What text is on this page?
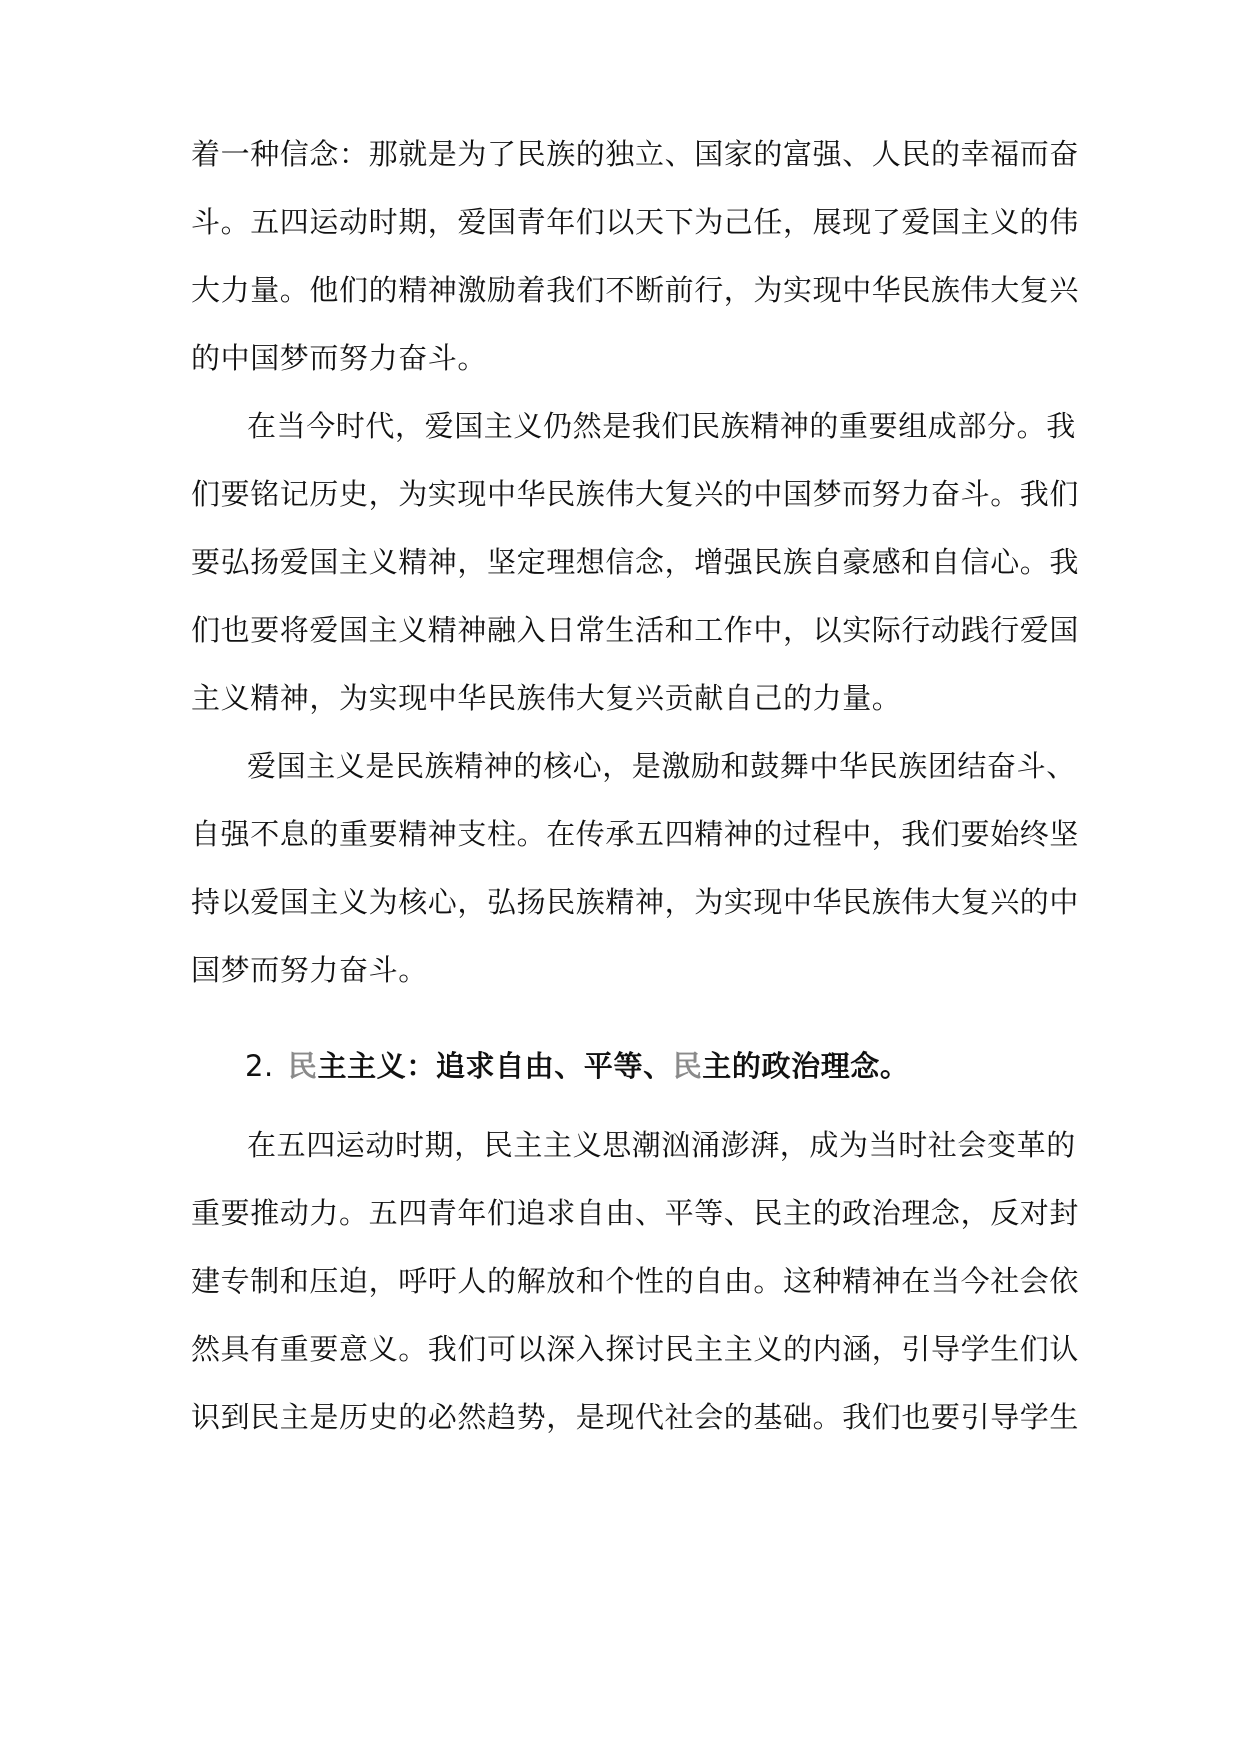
着一种信念：那就是为了民族的独立、国家的富强、人民的幸福而奋
斗。五四运动时期，爱国青年们以天下为己任，展现了爱国主义的伟
大力量。他们的精神激励着我们不断前行，为实现中华民族伟大复兴
的中国梦而努力奋斗。
在当今时代，爱国主义仍然是我们民族精神的重要组成部分。我
们要铭记历史，为实现中华民族伟大复兴的中国梦而努力奋斗。我们
要弘扬爱国主义精神，坚定理想信念，增强民族自豪感和自信心。我
们也要将爱国主义精神融入日常生活和工作中，以实际行动践行爱国
主义精神，为实现中华民族伟大复兴贡献自己的力量。
爱国主义是民族精神的核心，是激励和鼓舞中华民族团结奋斗、
自强不息的重要精神支柱。在传承五四精神的过程中，我们要始终坚
持以爱国主义为核心，弘扬民族精神，为实现中华民族伟大复兴的中
国梦而努力奋斗。
2. 民主主义：追求自由、平等、民主的政治理念。
在五四运动时期，民主主义思潮汹涌澎湃，成为当时社会变革的
重要推动力。五四青年们追求自由、平等、民主的政治理念，反对封
建专制和压迫，呼吁人的解放和个性的自由。这种精神在当今社会依
然具有重要意义。我们可以深入探讨民主主义的内涵，引导学生们认
识到民主是历史的必然趋势，是现代社会的基础。我们也要引导学生
